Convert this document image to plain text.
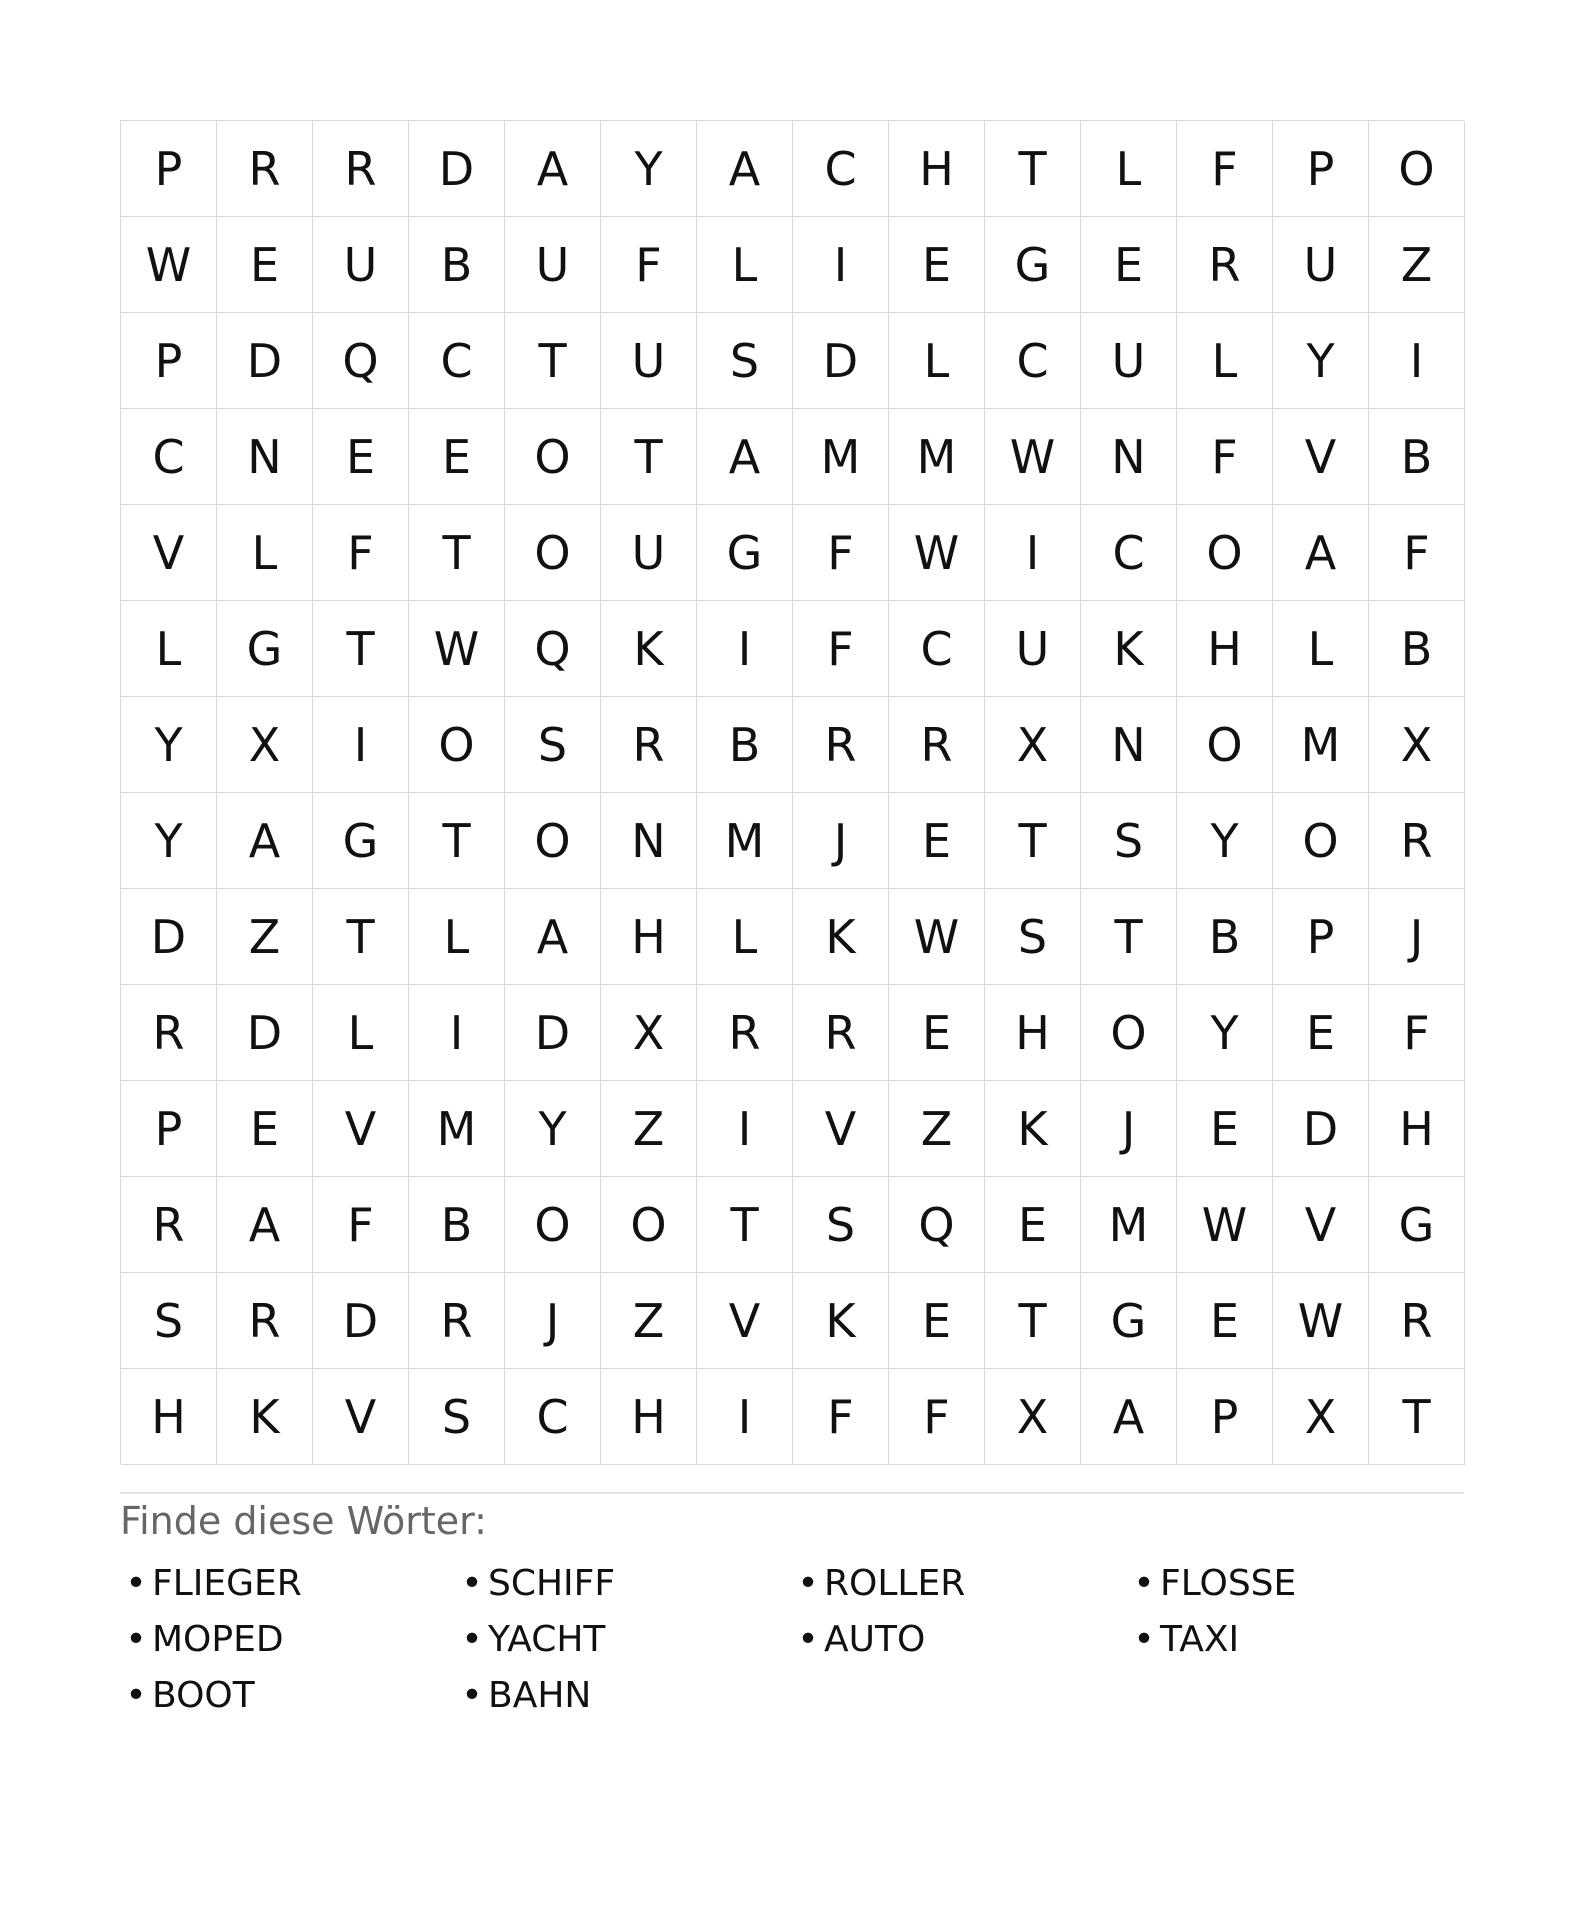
P	R	R	D	A	Y	A	C	H	T	L	F	P	O
W	E	U	B	U	F	L	I	E	G	E	R	U	Z
P	D	Q	C	T	U	S	D	L	C	U	L	Y	I
C	N	E	E	O	T	A	M	M	W	N	F	V	B
V	L	F	T	O	U	G	F	W	I	C	O	A	F
L	G	T	W	Q	K	I	F	C	U	K	H	L	B
Y	X	I	O	S	R	B	R	R	X	N	O	M	X
Y	A	G	T	O	N	M	J	E	T	S	Y	O	R
D	Z	T	L	A	H	L	K	W	S	T	B	P	J
R	D	L	I	D	X	R	R	E	H	O	Y	E	F
P	E	V	M	Y	Z	I	V	Z	K	J	E	D	H
R	A	F	B	O	O	T	S	Q	E	M	W	V	G
S	R	D	R	J	Z	V	K	E	T	G	E	W	R
H	K	V	S	C	H	I	F	F	X	A	P	X	T
Finde diese Wörter:
• FLIEGER	• SCHIFF	• ROLLER	• FLOSSE
• MOPED	• YACHT	• AUTO	• TAXI
• BOOT	• BAHN
